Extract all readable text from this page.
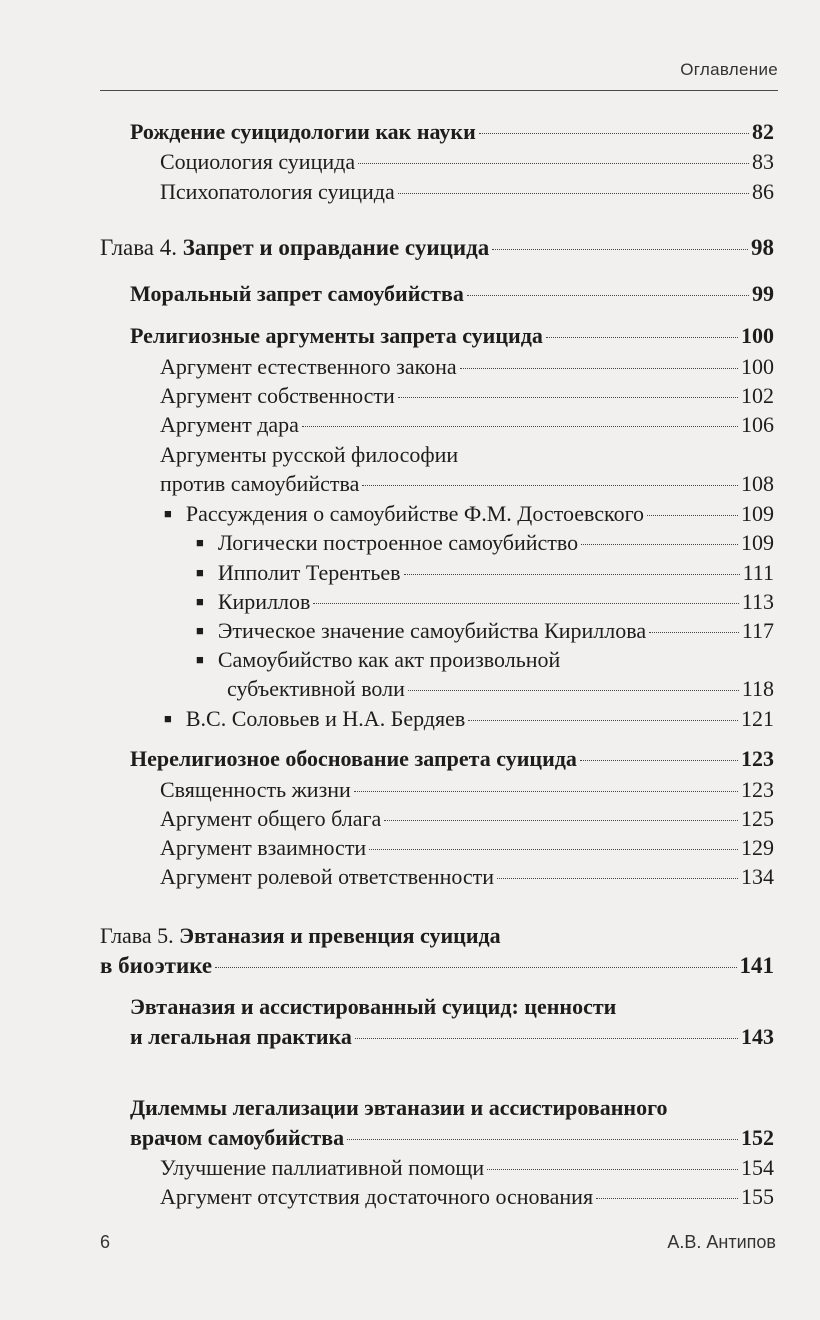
Оглавление
Рождение суицидологии как науки	82
Социология суицида	83
Психопатология суицида	86
Глава 4. Запрет и оправдание суицида	98
Моральный запрет самоубийства	99
Религиозные аргументы запрета суицида	100
Аргумент естественного закона	100
Аргумент собственности	102
Аргумент дара	106
Аргументы русской философии
против самоубийства	108
■ Рассуждения о самоубийстве Ф.М. Достоевского	109
■ Логически построенное самоубийство	109
■ Ипполит Терентьев	111
■ Кириллов	113
■ Этическое значение самоубийства Кириллова	117
■ Самоубийство как акт произвольной
субъективной воли	118
■ В.С. Соловьев и Н.А. Бердяев	121
Нерелигиозное обоснование запрета суицида	123
Священность жизни	123
Аргумент общего блага	125
Аргумент взаимности	129
Аргумент ролевой ответственности	134
Глава 5. Эвтаназия и превенция суицида
в биоэтике	141
Эвтаназия и ассистированный суицид: ценности
и легальная практика	143
Дилеммы легализации эвтаназии и ассистированного
врачом самоубийства	152
Улучшение паллиативной помощи	154
Аргумент отсутствия достаточного основания	155
6	А.В. Антипов
